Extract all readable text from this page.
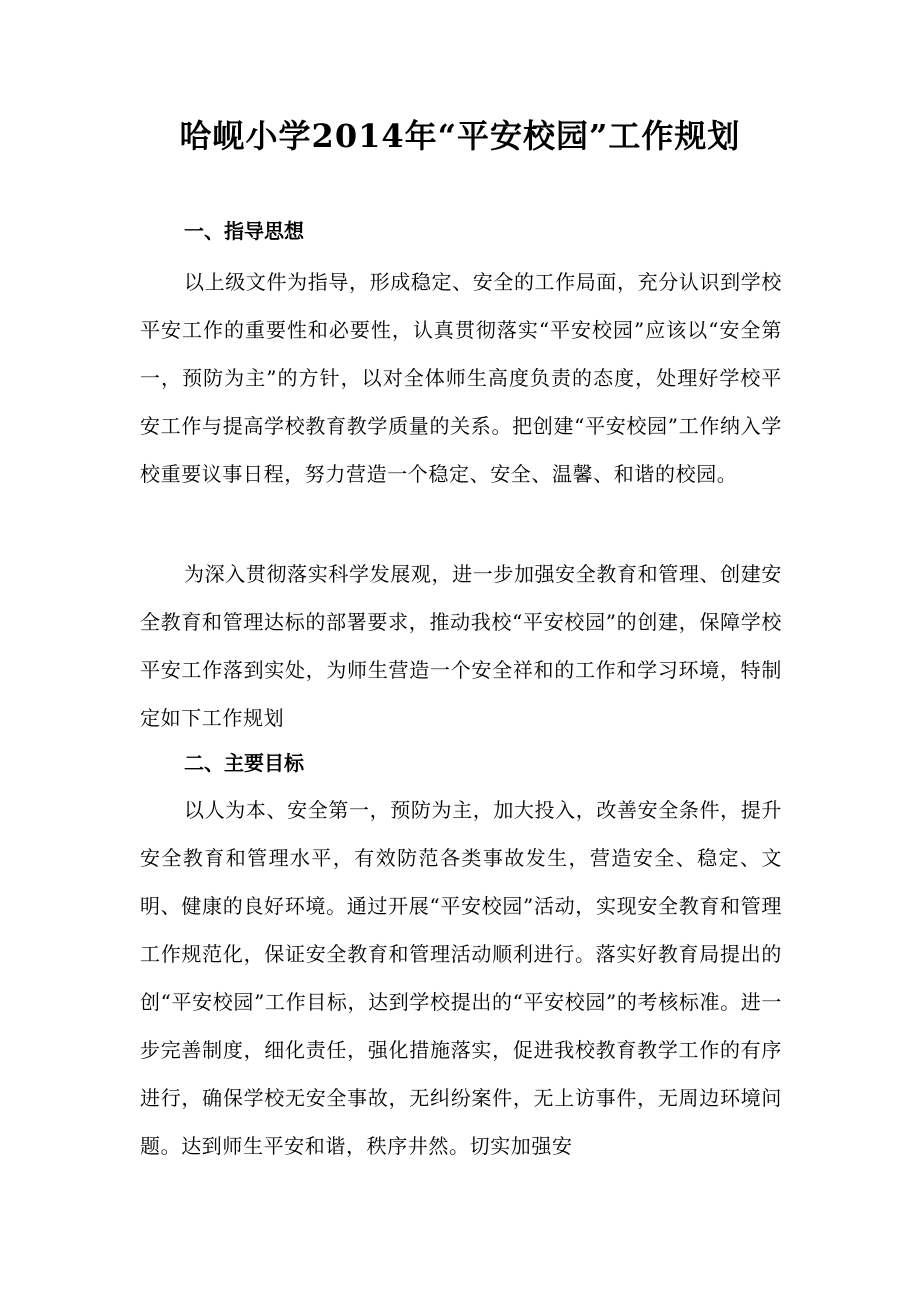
哈岘小学2014年“平安校园”工作规划
一、指导思想

以上级文件为指导，形成稳定、安全的工作局面，充分认识到学校平安工作的重要性和必要性，认真贯彻落实“平安校园”应该以“安全第一，预防为主”的方针，以对全体师生高度负责的态度，处理好学校平安工作与提高学校教育教学质量的关系。把创建“平安校园”工作纳入学校重要议事日程，努力营造一个稳定、安全、温馨、和谐的校园。

为深入贯彻落实科学发展观，进一步加强安全教育和管理、创建安全教育和管理达标的部署要求，推动我校“平安校园”的创建，保障学校平安工作落到实处，为师生营造一个安全祥和的工作和学习环境，特制定如下工作规划

二、主要目标

以人为本、安全第一，预防为主，加大投入，改善安全条件，提升安全教育和管理水平，有效防范各类事故发生，营造安全、稳定、文明、健康的良好环境。通过开展“平安校园”活动，实现安全教育和管理工作规范化，保证安全教育和管理活动顺利进行。落实好教育局提出的创“平安校园”工作目标，达到学校提出的“平安校园”的考核标准。进一步完善制度，细化责任，强化措施落实，促进我校教育教学工作的有序进行，确保学校无安全事故，无纠纷案件，无上访事件，无周边环境问题。达到师生平安和谐，秩序井然。切实加强安
